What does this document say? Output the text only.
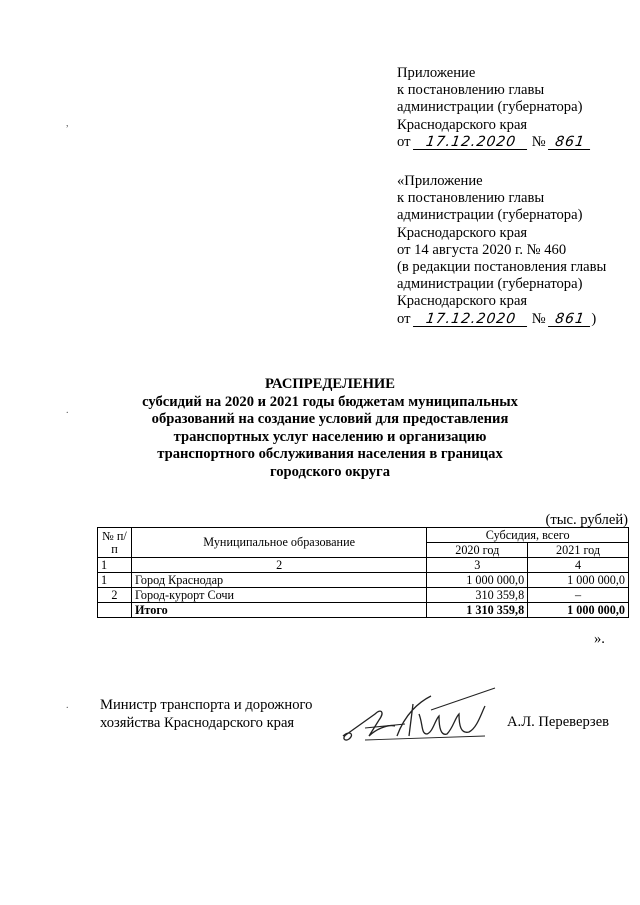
Приложение
к постановлению главы
администрации (губернатора)
Краснодарского края
от 17.12.2020 № 861
«Приложение
к постановлению главы
администрации (губернатора)
Краснодарского края
от 14 августа 2020 г. № 460
(в редакции постановления главы
администрации (губернатора)
Краснодарского края
от 17.12.2020 № 861 )
РАСПРЕДЕЛЕНИЕ
субсидий на 2020 и 2021 годы бюджетам муниципальных
образований на создание условий для предоставления
транспортных услуг населению и организацию
транспортного обслуживания населения в границах
городского округа
(тыс. рублей)
№ п/п	Муниципальное образование	Субсидия, всего	
		2020 год	2021 год
1	2	3	4
1	Город Краснодар	1 000 000,0	1 000 000,0
2	Город-курорт Сочи	310 359,8	–
	Итого	1 310 359,8	1 000 000,0
».
Министр транспорта и дорожного
хозяйства Краснодарского края	А.Л. Переверзев
,
.
.
